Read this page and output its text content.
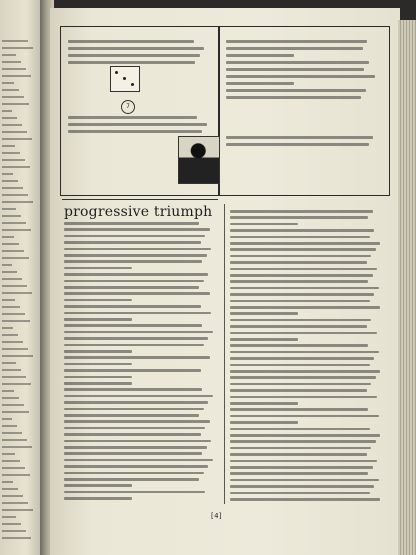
7
progressive triumph
[4]
